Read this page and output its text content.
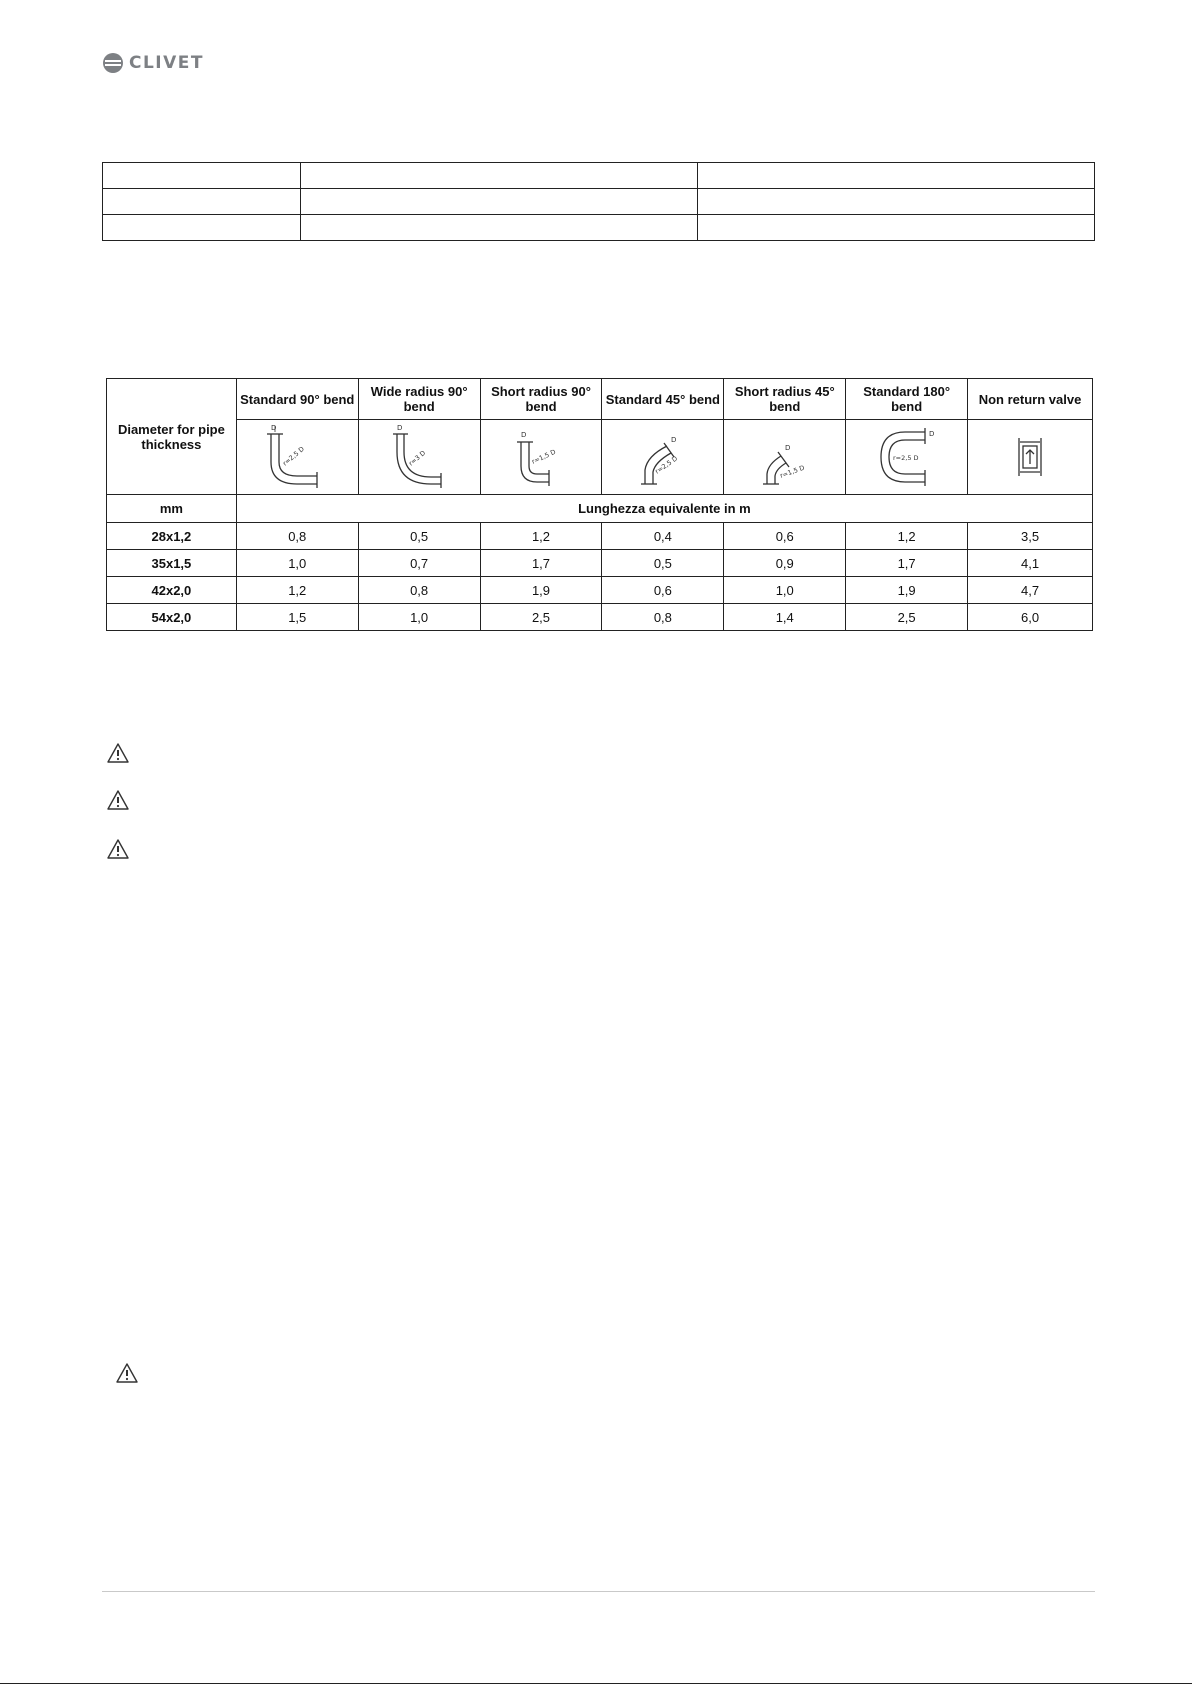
CLIVET

Diameter for pipe thickness	Standard 90° bend	Wide radius 90° bend	Short radius 90° bend	Standard 45° bend	Short radius 45° bend	Standard 180° bend	Non return valve

D
r=2,5 D	D
r=3 D	D
r=1,5 D	D
r=2,5 D	D
r=1,5 D	D
r=2,5 D

mm	Lunghezza equivalente in m						
28x1,2	0,8	0,5	1,2	0,4	0,6	1,2	3,5
35x1,5	1,0	0,7	1,7	0,5	0,9	1,7	4,1
42x2,0	1,2	0,8	1,9	0,6	1,0	1,9	4,7
54x2,0	1,5	1,0	2,5	0,8	1,4	2,5	6,0
